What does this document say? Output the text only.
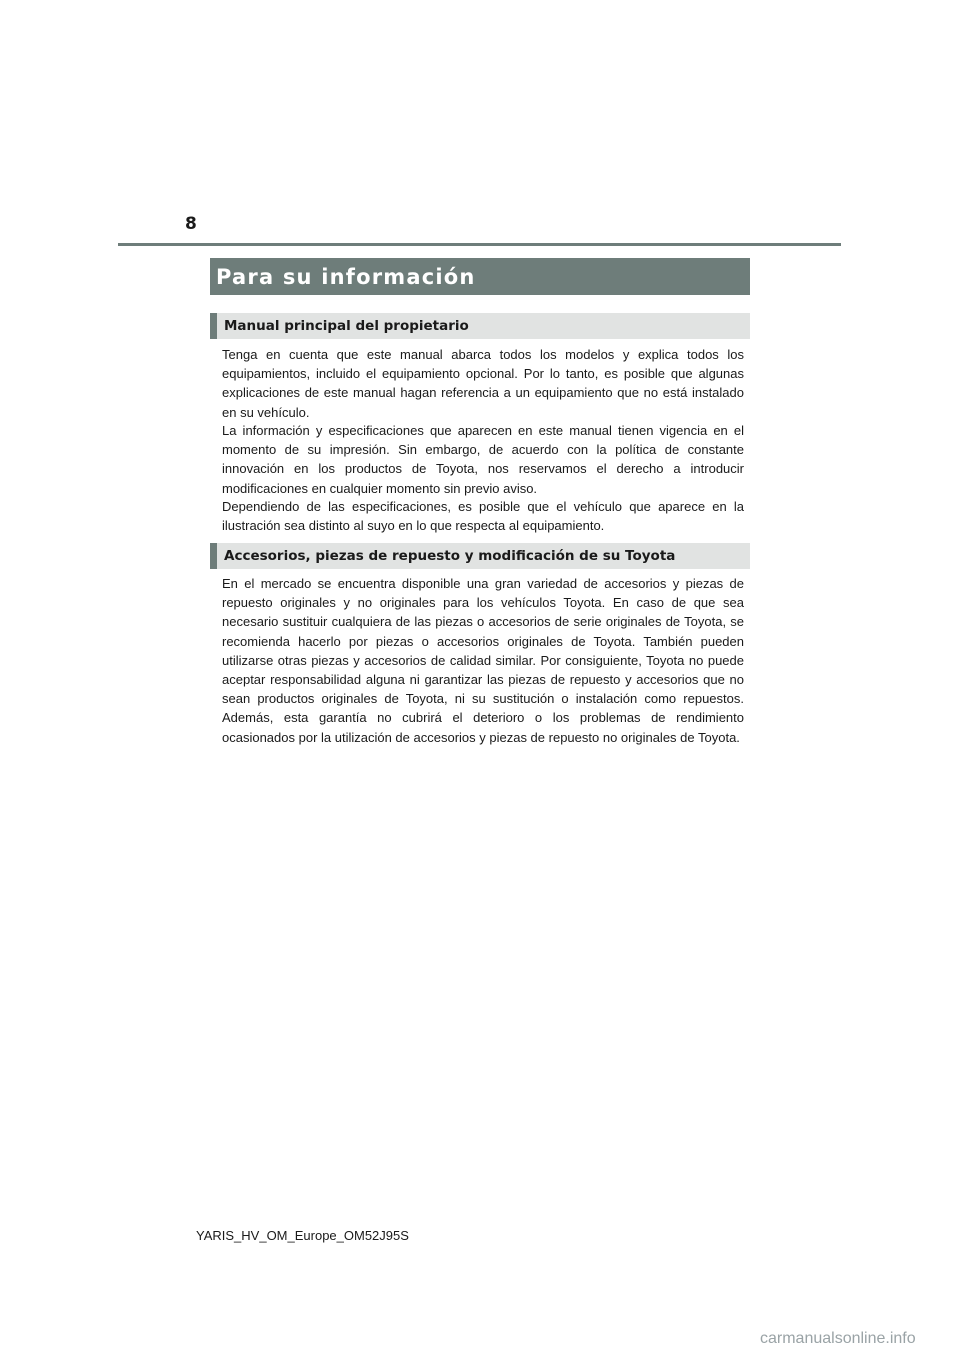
8
Para su información
Manual principal del propietario

Tenga en cuenta que este manual abarca todos los modelos y explica todos los equipamientos, incluido el equipamiento opcional. Por lo tanto, es posible que algunas explicaciones de este manual hagan referencia a un equipamiento que no está instalado en su vehículo.

La información y especificaciones que aparecen en este manual tienen vigencia en el momento de su impresión. Sin embargo, de acuerdo con la política de constante innovación en los productos de Toyota, nos reservamos el derecho a introducir modificaciones en cualquier momento sin previo aviso.

Dependiendo de las especificaciones, es posible que el vehículo que aparece en la ilustración sea distinto al suyo en lo que respecta al equipamiento.

Accesorios, piezas de repuesto y modificación de su Toyota

En el mercado se encuentra disponible una gran variedad de accesorios y piezas de repuesto originales y no originales para los vehículos Toyota. En caso de que sea necesario sustituir cualquiera de las piezas o accesorios de serie originales de Toyota, se recomienda hacerlo por piezas o accesorios originales de Toyota. También pueden utilizarse otras piezas y accesorios de calidad similar. Por consiguiente, Toyota no puede aceptar responsabilidad alguna ni garantizar las piezas de repuesto y accesorios que no sean productos originales de Toyota, ni su sustitución o instalación como repuestos. Además, esta garantía no cubrirá el deterioro o los problemas de rendimiento ocasionados por la utilización de accesorios y piezas de repuesto no originales de Toyota.

YARIS_HV_OM_Europe_OM52J95S
carmanualsonline.info
